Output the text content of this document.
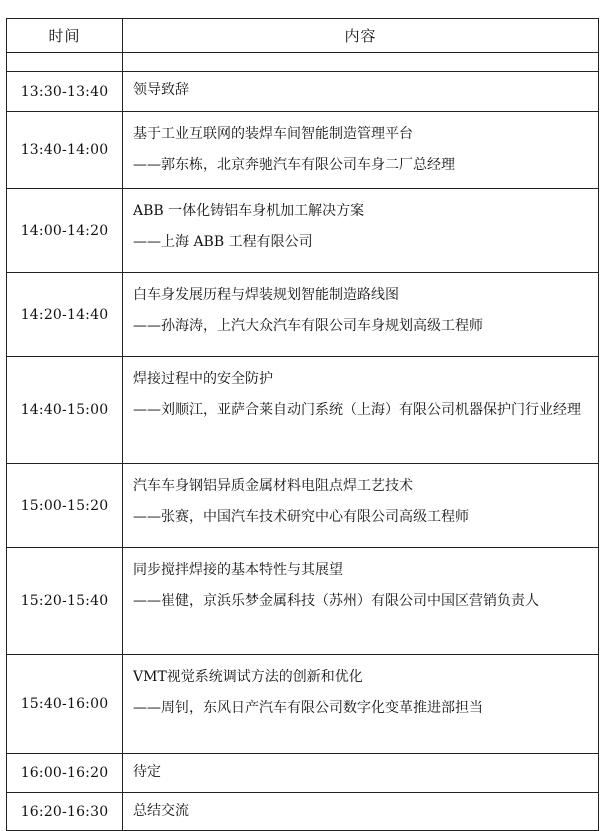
时间	内容

13:30-13:40	领导致辞

13:40-14:00	基于工业互联网的装焊车间智能制造管理平台
——郭东栋，北京奔驰汽车有限公司车身二厂总经理

14:00-14:20	ABB 一体化铸铝车身机加工解决方案
——上海 ABB 工程有限公司

14:20-14:40	白车身发展历程与焊装规划智能制造路线图
——孙海涛，上汽大众汽车有限公司车身规划高级工程师

14:40-15:00	焊接过程中的安全防护
——刘顺江，亚萨合莱自动门系统（上海）有限公司机器保护门行业经理

15:00-15:20	汽车车身钢铝异质金属材料电阻点焊工艺技术
——张赛，中国汽车技术研究中心有限公司高级工程师

15:20-15:40	同步搅拌焊接的基本特性与其展望
——崔健，京浜乐梦金属科技（苏州）有限公司中国区营销负责人

15:40-16:00	VMT视觉系统调试方法的创新和优化
——周钊，东风日产汽车有限公司数字化变革推进部担当

16:00-16:20	待定

16:20-16:30	总结交流
